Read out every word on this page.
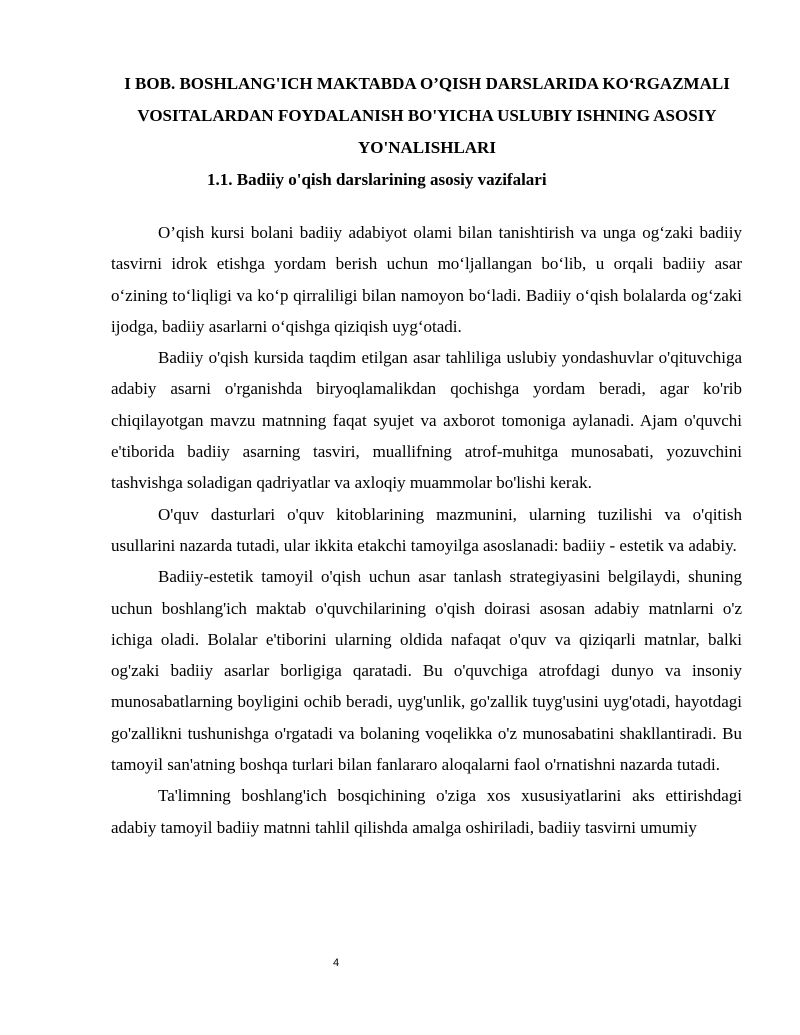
I BOB. BOSHLANG'ICH MAKTABDA O’QISH DARSLARIDA KO‘RGAZMALI VOSITALARDAN FOYDALANISH BO'YICHA USLUBIY ISHNING ASOSIY YO'NALISHLARI
1.1. Badiiy o'qish darslarining asosiy vazifalari

O’qish kursi bolani badiiy adabiyot olami bilan tanishtirish va unga og‘zaki badiiy tasvirni idrok etishga yordam berish uchun mo‘ljallangan bo‘lib, u orqali badiiy asar o‘zining to‘liqligi va ko‘p qirraliligi bilan namoyon bo‘ladi. Badiiy o‘qish bolalarda og‘zaki ijodga, badiiy asarlarni o‘qishga qiziqish uyg‘otadi.

Badiiy o'qish kursida taqdim etilgan asar tahliliga uslubiy yondashuvlar o'qituvchiga adabiy asarni o'rganishda biryoqlamalikdan qochishga yordam beradi, agar ko'rib chiqilayotgan mavzu matnning faqat syujet va axborot tomoniga aylanadi. Ajam o'quvchi e'tiborida badiiy asarning tasviri, muallifning atrof-muhitga munosabati, yozuvchini tashvishga soladigan qadriyatlar va axloqiy muammolar bo'lishi kerak.

O'quv dasturlari o'quv kitoblarining mazmunini, ularning tuzilishi va o'qitish usullarini nazarda tutadi, ular ikkita etakchi tamoyilga asoslanadi: badiiy - estetik va adabiy.

Badiiy-estetik tamoyil o'qish uchun asar tanlash strategiyasini belgilaydi, shuning uchun boshlang'ich maktab o'quvchilarining o'qish doirasi asosan adabiy matnlarni o'z ichiga oladi. Bolalar e'tiborini ularning oldida nafaqat o'quv va qiziqarli matnlar, balki og'zaki badiiy asarlar borligiga qaratadi. Bu o'quvchiga atrofdagi dunyo va insoniy munosabatlarning boyligini ochib beradi, uyg'unlik, go'zallik tuyg'usini uyg'otadi, hayotdagi go'zallikni tushunishga o'rgatadi va bolaning voqelikka o'z munosabatini shakllantiradi. Bu tamoyil san'atning boshqa turlari bilan fanlararo aloqalarni faol o'rnatishni nazarda tutadi.

Ta'limning boshlang'ich bosqichining o'ziga xos xususiyatlarini aks ettirishdagi adabiy tamoyil badiiy matnni tahlil qilishda amalga oshiriladi, badiiy tasvirni umumiy

4
